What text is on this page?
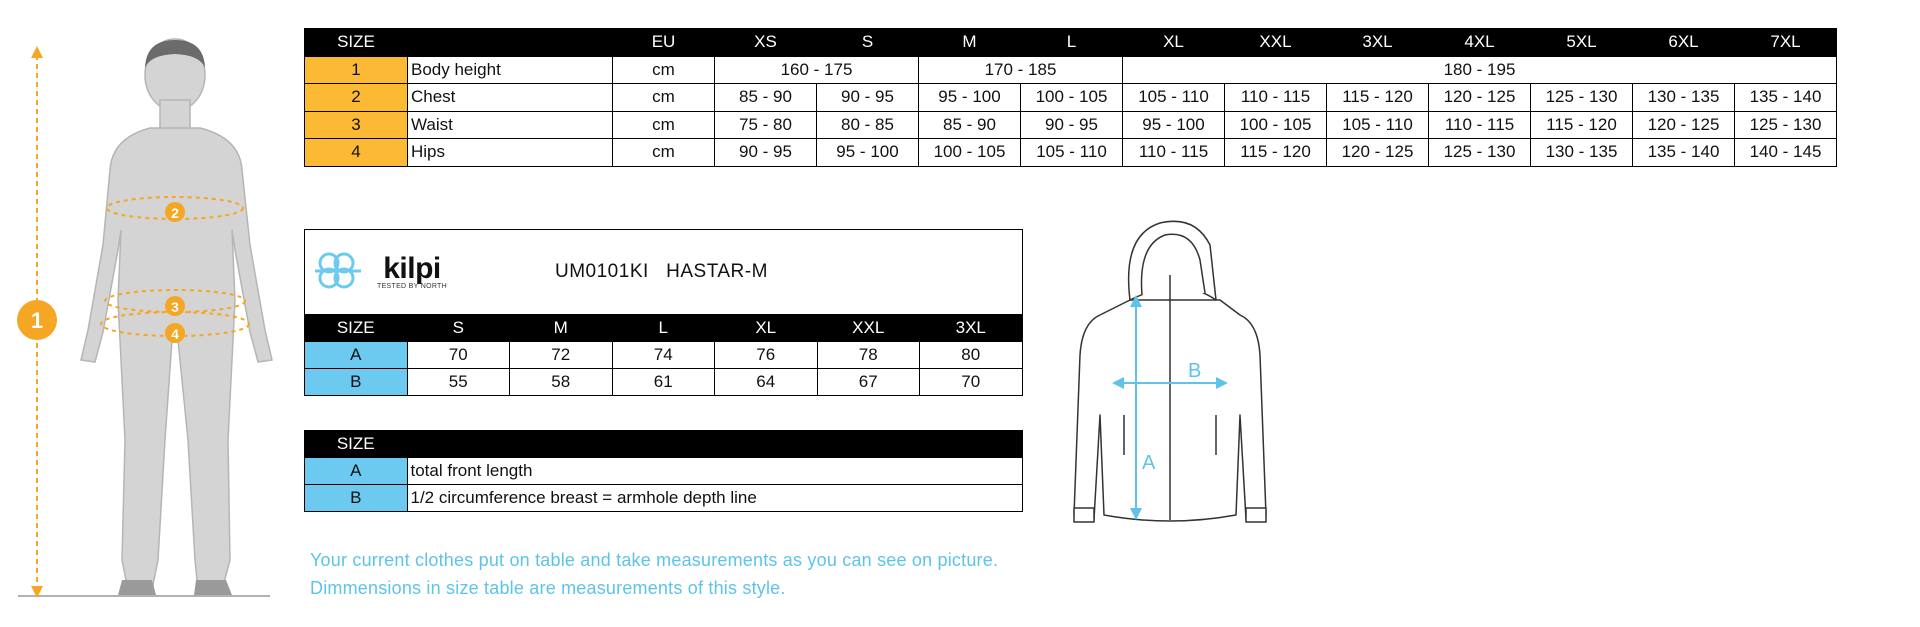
1
2
3
4
SIZE		EU	XS	S	M	L	XL	XXL	3XL	4XL	5XL	6XL	7XL
1	Body height	cm	160 - 175		170 - 185		180 - 195						
2	Chest	cm	85 - 90	90 - 95	95 - 100	100 - 105	105 - 110	110 - 115	115 - 120	120 - 125	125 - 130	130 - 135	135 - 140
3	Waist	cm	75 - 80	80 - 85	85 - 90	90 - 95	95 - 100	100 - 105	105 - 110	110 - 115	115 - 120	120 - 125	125 - 130
4	Hips	cm	90 - 95	95 - 100	100 - 105	105 - 110	110 - 115	115 - 120	120 - 125	125 - 130	130 - 135	135 - 140	140 - 145
kilpi
TESTED BY NORTH
UM0101KI HASTAR-M						

SIZE	S	M	L	XL	XXL	3XL
A	70	72	74	76	78	80
B	55	58	61	64	67	70
SIZE	
A	total front length
B	1/2 circumference breast = armhole depth line
Your current clothes put on table and take measurements as you can see on picture.
Dimmensions in size table are measurements of this style.
A
B
